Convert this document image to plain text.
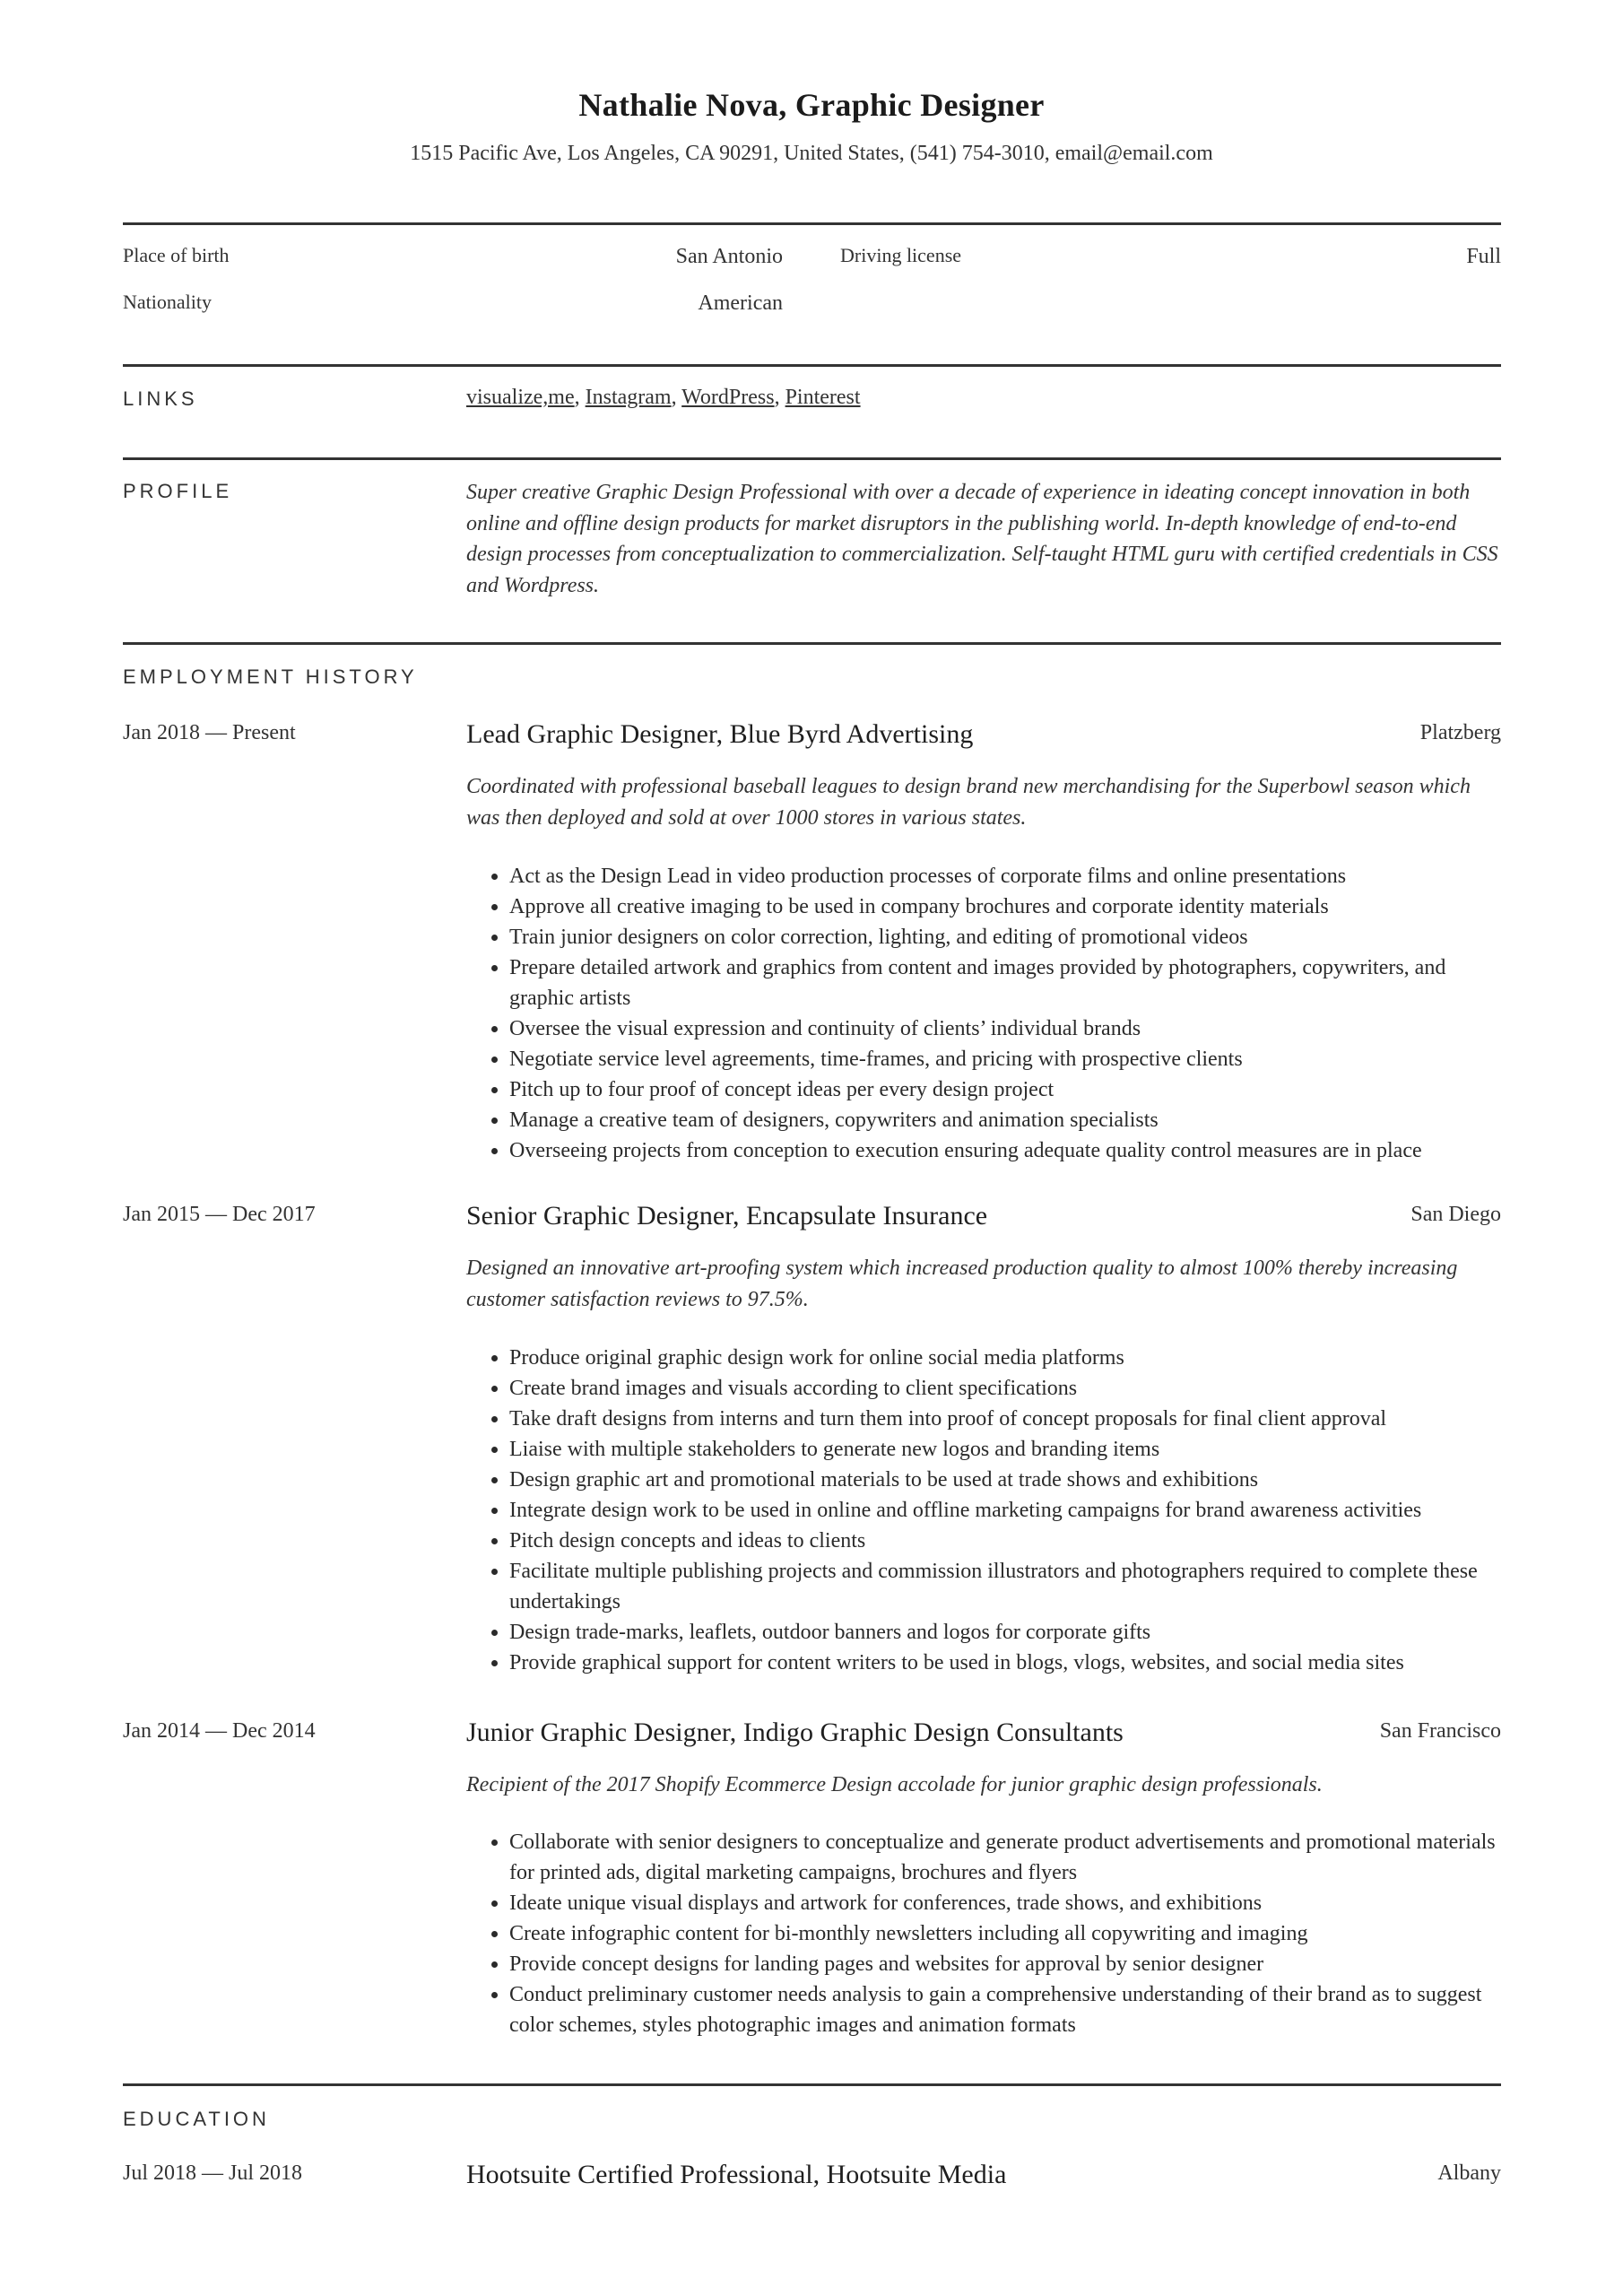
Nathalie Nova, Graphic Designer
1515 Pacific Ave, Los Angeles, CA 90291, United States, (541) 754-3010, email@email.com
Place of birth	San Antonio	Driving license	Full
Nationality	American
LINKS	visualize,me, Instagram, WordPress, Pinterest
PROFILE	Super creative Graphic Design Professional with over a decade of experience in ideating concept innovation in both online and offline design products for market disruptors in the publishing world. In-depth knowledge of end-to-end design processes from conceptualization to commercialization. Self-taught HTML guru with certified credentials in CSS and Wordpress.
EMPLOYMENT HISTORY
Jan 2018 — Present	Lead Graphic Designer, Blue Byrd Advertising	Platzberg
Coordinated with professional baseball leagues to design brand new merchandising for the Superbowl season which was then deployed and sold at over 1000 stores in various states.
• Act as the Design Lead in video production processes of corporate films and online presentations
• Approve all creative imaging to be used in company brochures and corporate identity materials
• Train junior designers on color correction, lighting, and editing of promotional videos
• Prepare detailed artwork and graphics from content and images provided by photographers, copywriters, and graphic artists
• Oversee the visual expression and continuity of clients’ individual brands
• Negotiate service level agreements, time-frames, and pricing with prospective clients
• Pitch up to four proof of concept ideas per every design project
• Manage a creative team of designers, copywriters and animation specialists
• Overseeing projects from conception to execution ensuring adequate quality control measures are in place
Jan 2015 — Dec 2017	Senior Graphic Designer, Encapsulate Insurance	San Diego
Designed an innovative art-proofing system which increased production quality to almost 100% thereby increasing customer satisfaction reviews to 97.5%.
• Produce original graphic design work for online social media platforms
• Create brand images and visuals according to client specifications
• Take draft designs from interns and turn them into proof of concept proposals for final client approval
• Liaise with multiple stakeholders to generate new logos and branding items
• Design graphic art and promotional materials to be used at trade shows and exhibitions
• Integrate design work to be used in online and offline marketing campaigns for brand awareness activities
• Pitch design concepts and ideas to clients
• Facilitate multiple publishing projects and commission illustrators and photographers required to complete these undertakings
• Design trade-marks, leaflets, outdoor banners and logos for corporate gifts
• Provide graphical support for content writers to be used in blogs, vlogs, websites, and social media sites
Jan 2014 — Dec 2014	Junior Graphic Designer, Indigo Graphic Design Consultants	San Francisco
Recipient of the 2017 Shopify Ecommerce Design accolade for junior graphic design professionals.
• Collaborate with senior designers to conceptualize and generate product advertisements and promotional materials for printed ads, digital marketing campaigns, brochures and flyers
• Ideate unique visual displays and artwork for conferences, trade shows, and exhibitions
• Create infographic content for bi-monthly newsletters including all copywriting and imaging
• Provide concept designs for landing pages and websites for approval by senior designer
• Conduct preliminary customer needs analysis to gain a comprehensive understanding of their brand as to suggest color schemes, styles photographic images and animation formats
EDUCATION
Jul 2018 — Jul 2018	Hootsuite Certified Professional, Hootsuite Media	Albany
